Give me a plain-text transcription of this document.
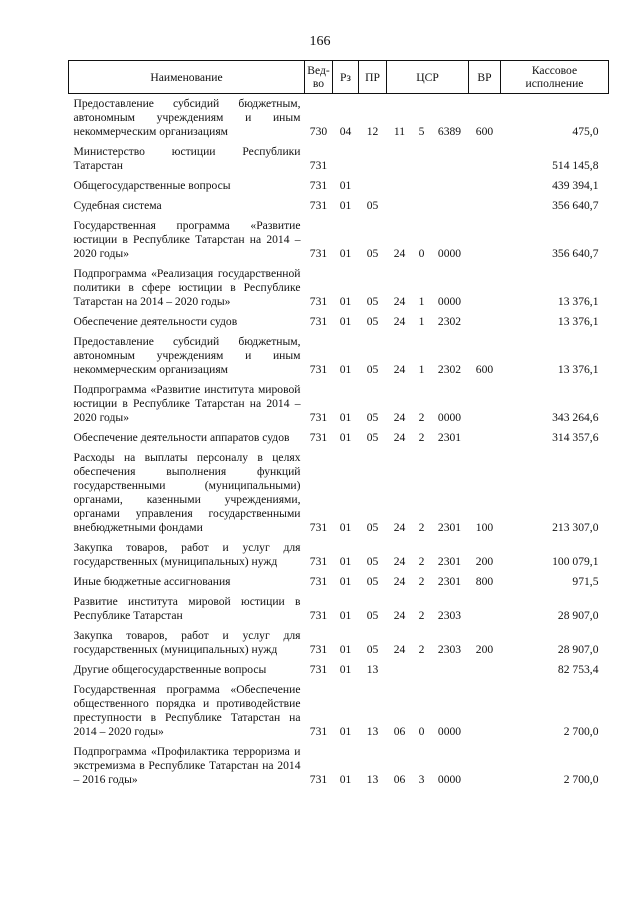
166
Наименование	Вед-во	Рз	ПР	ЦСР			ВР	Кассовое исполнение
Предоставление субсидий бюджетным, автономным учреждениям и иным некоммерческим организациям	730	04	12	11	5	6389	600	475,0
Министерство юстиции Республики Татарстан	731							514 145,8
Общегосударственные вопросы	731	01						439 394,1
Судебная система	731	01	05					356 640,7
Государственная программа «Развитие юстиции в Республике Татарстан на 2014 – 2020 годы»	731	01	05	24	0	0000		356 640,7
Подпрограмма «Реализация государственной политики в сфере юстиции в Республике Татарстан на 2014 – 2020 годы»	731	01	05	24	1	0000		13 376,1
Обеспечение деятельности судов	731	01	05	24	1	2302		13 376,1
Предоставление субсидий бюджетным, автономным учреждениям и иным некоммерческим организациям	731	01	05	24	1	2302	600	13 376,1
Подпрограмма «Развитие института мировой юстиции в Республике Татарстан на 2014 – 2020 годы»	731	01	05	24	2	0000		343 264,6
Обеспечение деятельности аппаратов судов	731	01	05	24	2	2301		314 357,6
Расходы на выплаты персоналу в целях обеспечения выполнения функций государственными (муниципальными) органами, казенными учреждениями, органами управления государственными внебюджетными фондами	731	01	05	24	2	2301	100	213 307,0
Закупка товаров, работ и услуг для государственных (муниципальных) нужд	731	01	05	24	2	2301	200	100 079,1
Иные бюджетные ассигнования	731	01	05	24	2	2301	800	971,5
Развитие института мировой юстиции в Республике Татарстан	731	01	05	24	2	2303		28 907,0
Закупка товаров, работ и услуг для государственных (муниципальных) нужд	731	01	05	24	2	2303	200	28 907,0
Другие общегосударственные вопросы	731	01	13					82 753,4
Государственная программа «Обеспечение общественного порядка и противодействие преступности в Республике Татарстан на 2014 – 2020 годы»	731	01	13	06	0	0000		2 700,0
Подпрограмма «Профилактика терроризма и экстремизма в Республике Татарстан на 2014 – 2016 годы»	731	01	13	06	3	0000		2 700,0
